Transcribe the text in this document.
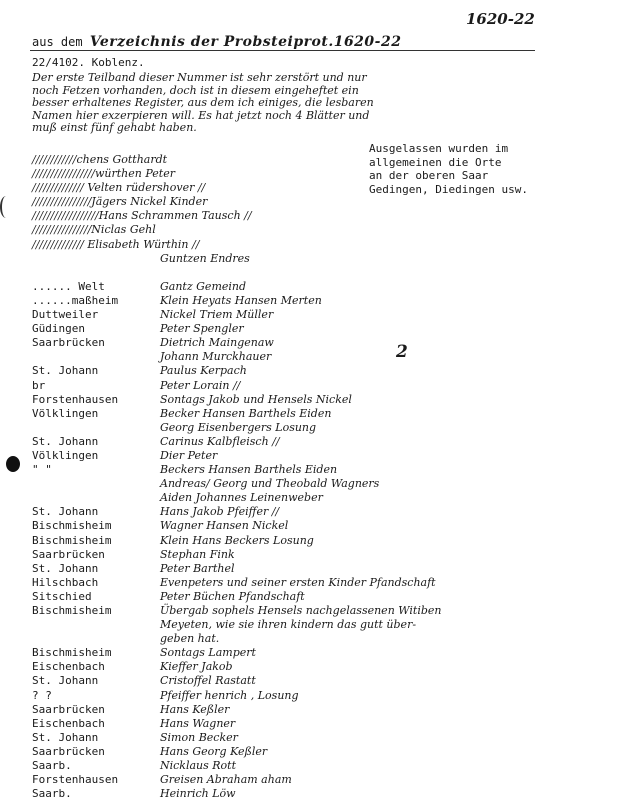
1620-22
aus dem Verzeichnis der Probsteiprot.1620-22
22/4102. Koblenz.
Der erste Teilband dieser Nummer ist sehr zerstört und nur
noch Fetzen vorhanden, doch ist in diesem eingeheftet ein
besser erhaltenes Register, aus dem ich einiges, die lesbaren
Namen hier exzerpieren will. Es hat jetzt noch 4 Blätter und
muß einst fünf gehabt haben.
Ausgelassen wurden im
allgemeinen die Orte
an der oberen Saar
Gedingen, Diedingen usw.
////////////chens Gotthardt
/////////////////würthen Peter
////////////// Velten rüdershover //
////////////////Jägers Nickel Kinder
//////////////////Hans Schrammen Tausch //
////////////////Niclas Gehl
////////////// Elisabeth Würthin //
Guntzen Endres
...... Welt	Gantz Gemeind
......maßheim	Klein Heyats Hansen Merten
Duttweiler	Nickel Triem Müller
Güdingen	Peter Spengler
Saarbrücken	Dietrich Maingenaw
Johann Murckhauer
St. Johann	Paulus Kerpach
br	Peter Lorain //
Forstenhausen	Sontags Jakob und Hensels Nickel
Völklingen	Becker Hansen Barthels Eiden
Georg Eisenbergers Losung
St. Johann	Carinus Kalbfleisch //
Völklingen	Dier Peter
" "	Beckers Hansen Barthels Eiden
Andreas/ Georg und Theobald Wagners
Aiden Johannes Leinenweber
St. Johann	Hans Jakob Pfeiffer //
Bischmisheim	Wagner Hansen Nickel
Bischmisheim	Klein Hans Beckers Losung
Saarbrücken	Stephan Fink
St. Johann	Peter Barthel
Hilschbach	Evenpeters und seiner ersten Kinder Pfandschaft
Sitschied	Peter Büchen Pfandschaft
Bischmisheim	Übergab sophels Hensels nachgelassenen Witiben
Meyeten, wie sie ihren kindern das gutt über-
geben hat.
Bischmisheim	Sontags Lampert
Eischenbach	Kieffer Jakob
St. Johann	Cristoffel Rastatt
? ?	Pfeiffer henrich , Losung
Saarbrücken	Hans Keßler
Eischenbach	Hans Wagner
St. Johann	Simon Becker
Saarbrücken	Hans Georg Keßler
Saarb.	Nicklaus Rott
Forstenhausen	Greisen Abraham aham
Saarb.	Heinrich Löw
2
